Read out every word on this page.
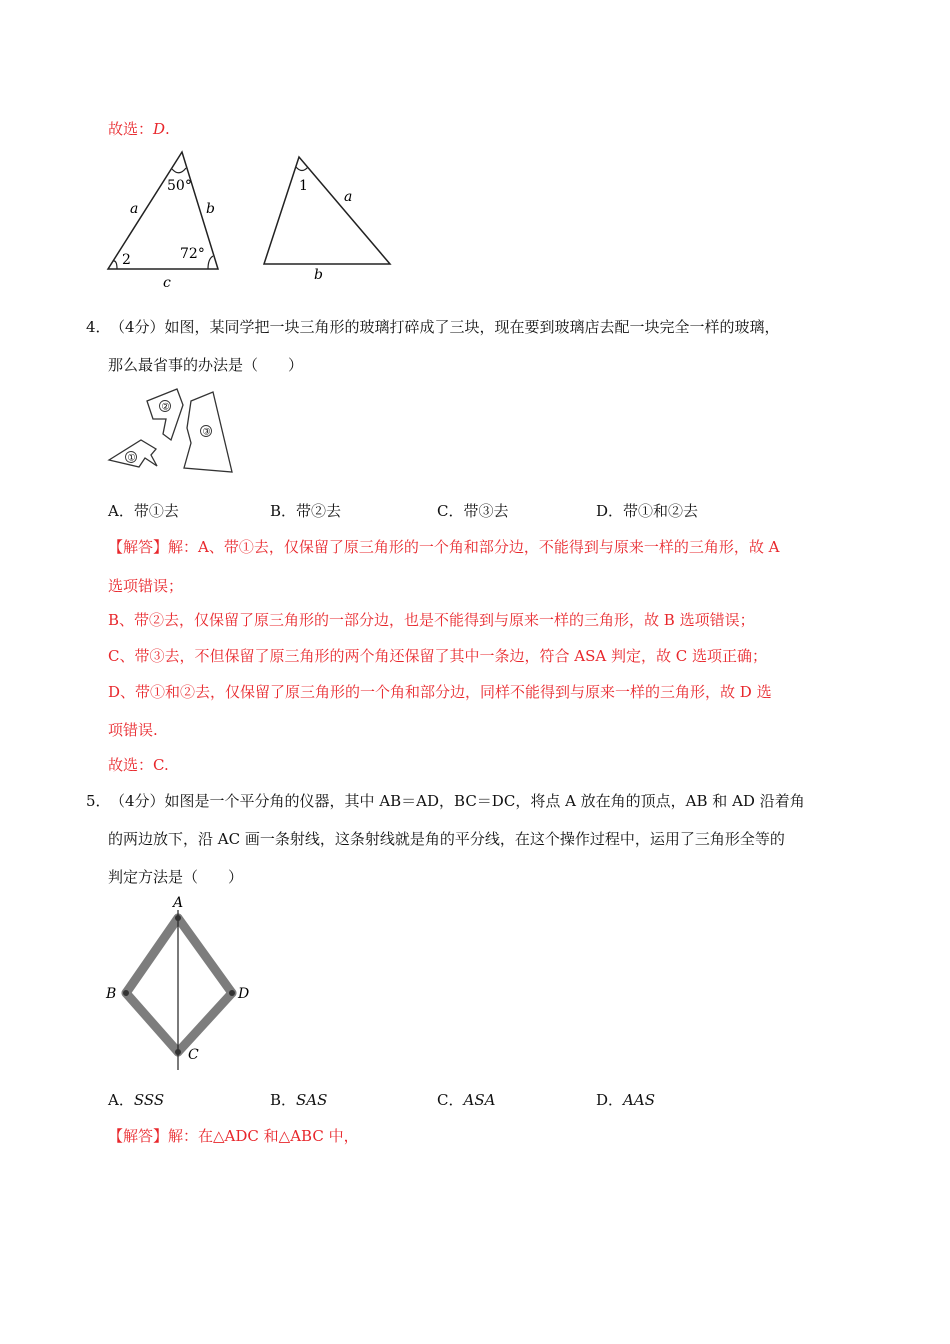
故选：D.
50°
72°
2
a	b
c
1
a
b
4． （4分）如图，某同学把一块三角形的玻璃打碎成了三块，现在要到玻璃店去配一块完全一样的玻璃，
那么最省事的办法是（　　）
①
②
③
A．带①去	B．带②去	C．带③去	D．带①和②去
【解答】解：A、带①去，仅保留了原三角形的一个角和部分边，不能得到与原来一样的三角形，故 A
选项错误；
B、带②去，仅保留了原三角形的一部分边，也是不能得到与原来一样的三角形，故 B 选项错误；
C、带③去，不但保留了原三角形的两个角还保留了其中一条边，符合 ASA 判定，故 C 选项正确；
D、带①和②去，仅保留了原三角形的一个角和部分边，同样不能得到与原来一样的三角形，故 D 选
项错误.
故选：C.
5． （4分）如图是一个平分角的仪器，其中 AB＝AD，BC＝DC，将点 A 放在角的顶点，AB 和 AD 沿着角
的两边放下，沿 AC 画一条射线，这条射线就是角的平分线，在这个操作过程中，运用了三角形全等的
判定方法是（　　）
A
B	D
C
A．SSS	B．SAS	C．ASA	D．AAS
【解答】解：在△ADC 和△ABC 中，
